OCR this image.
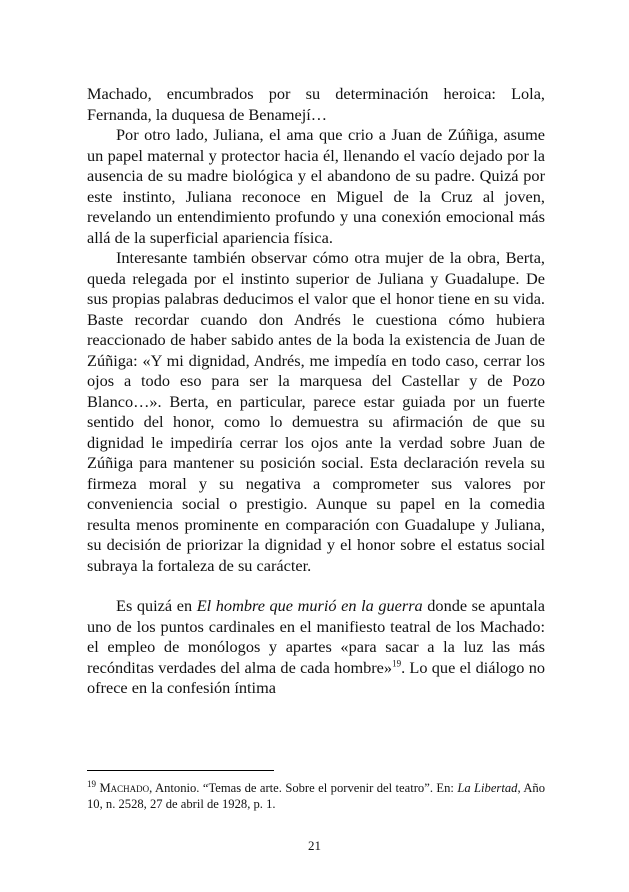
Machado, encumbrados por su determinación heroica: Lola, Fernanda, la duquesa de Benamejí…

Por otro lado, Juliana, el ama que crio a Juan de Zúñiga, asume un papel maternal y protector hacia él, llenando el vacío dejado por la ausencia de su madre biológica y el abandono de su padre. Quizá por este instinto, Juliana reconoce en Miguel de la Cruz al joven, revelando un entendimiento profundo y una conexión emocional más allá de la superficial apariencia física.

Interesante también observar cómo otra mujer de la obra, Berta, queda relegada por el instinto superior de Juliana y Guadalupe. De sus propias palabras deducimos el valor que el honor tiene en su vida. Baste recordar cuando don Andrés le cuestiona cómo hubiera reaccionado de haber sabido antes de la boda la existencia de Juan de Zúñiga: «Y mi dignidad, Andrés, me impedía en todo caso, cerrar los ojos a todo eso para ser la marquesa del Castellar y de Pozo Blanco…». Berta, en particular, parece estar guiada por un fuerte sentido del honor, como lo demuestra su afirmación de que su dignidad le impediría cerrar los ojos ante la verdad sobre Juan de Zúñiga para mantener su posición social. Esta declaración revela su firmeza moral y su negativa a comprometer sus valores por conveniencia social o prestigio. Aunque su papel en la comedia resulta menos prominente en comparación con Guadalupe y Juliana, su decisión de priorizar la dignidad y el honor sobre el estatus social subraya la fortaleza de su carácter.

Es quizá en El hombre que murió en la guerra donde se apuntala uno de los puntos cardinales en el manifiesto teatral de los Machado: el empleo de monólogos y apartes «para sacar a la luz las más recónditas verdades del alma de cada hombre»$^{19}$. Lo que el diálogo no ofrece en la confesión íntima

$^{19}$ Machado, Antonio. “Temas de arte. Sobre el porvenir del teatro”. En: La Libertad, Año 10, n. 2528, 27 de abril de 1928, p. 1.
21
